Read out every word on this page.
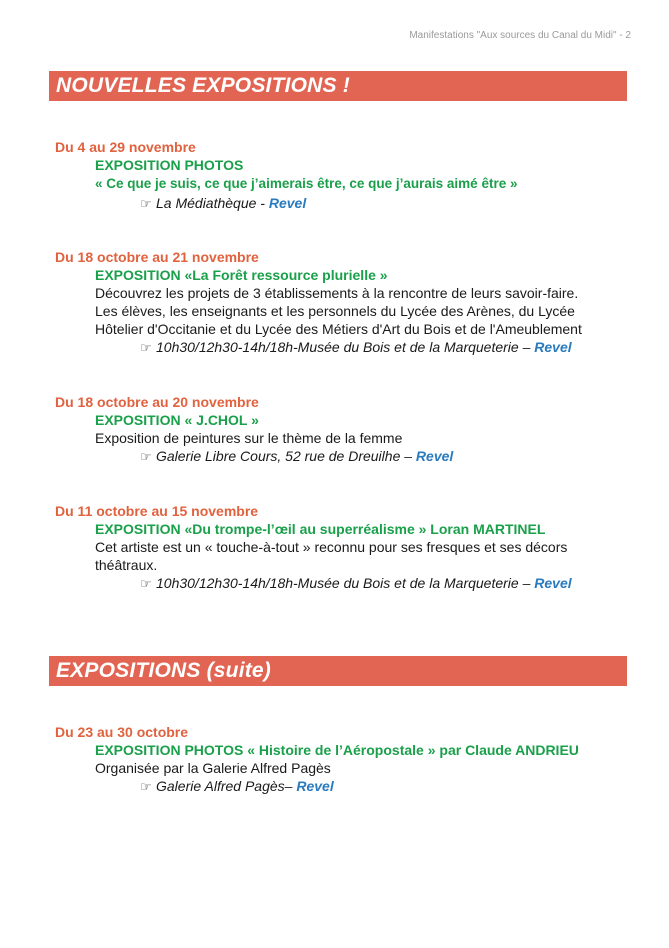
Manifestations "Aux sources du Canal du Midi" - 2
NOUVELLES EXPOSITIONS !
Du 4 au 29 novembre
EXPOSITION PHOTOS
« Ce que je suis, ce que j’aimerais être, ce que j’aurais aimé être »
☞ La Médiathèque - Revel
Du 18 octobre au 21 novembre
EXPOSITION «La Forêt ressource plurielle »
Découvrez les projets de 3 établissements à la rencontre de leurs savoir-faire.
Les élèves, les enseignants et les personnels du Lycée des Arènes, du Lycée
Hôtelier d'Occitanie et du Lycée des Métiers d'Art du Bois et de l'Ameublement
☞ 10h30/12h30-14h/18h-Musée du Bois et de la Marqueterie – Revel
Du 18 octobre au 20 novembre
EXPOSITION « J.CHOL »
Exposition de peintures sur le thème de la femme
☞ Galerie Libre Cours, 52 rue de Dreuilhe – Revel
Du 11 octobre au 15 novembre
EXPOSITION «Du trompe-l’œil au superréalisme » Loran MARTINEL
Cet artiste est un « touche-à-tout » reconnu pour ses fresques et ses décors
théâtraux.
☞ 10h30/12h30-14h/18h-Musée du Bois et de la Marqueterie – Revel
EXPOSITIONS (suite)
Du 23 au 30 octobre
EXPOSITION PHOTOS « Histoire de l’Aéropostale » par Claude ANDRIEU
Organisée par la Galerie Alfred Pagès
☞ Galerie Alfred Pagès– Revel
